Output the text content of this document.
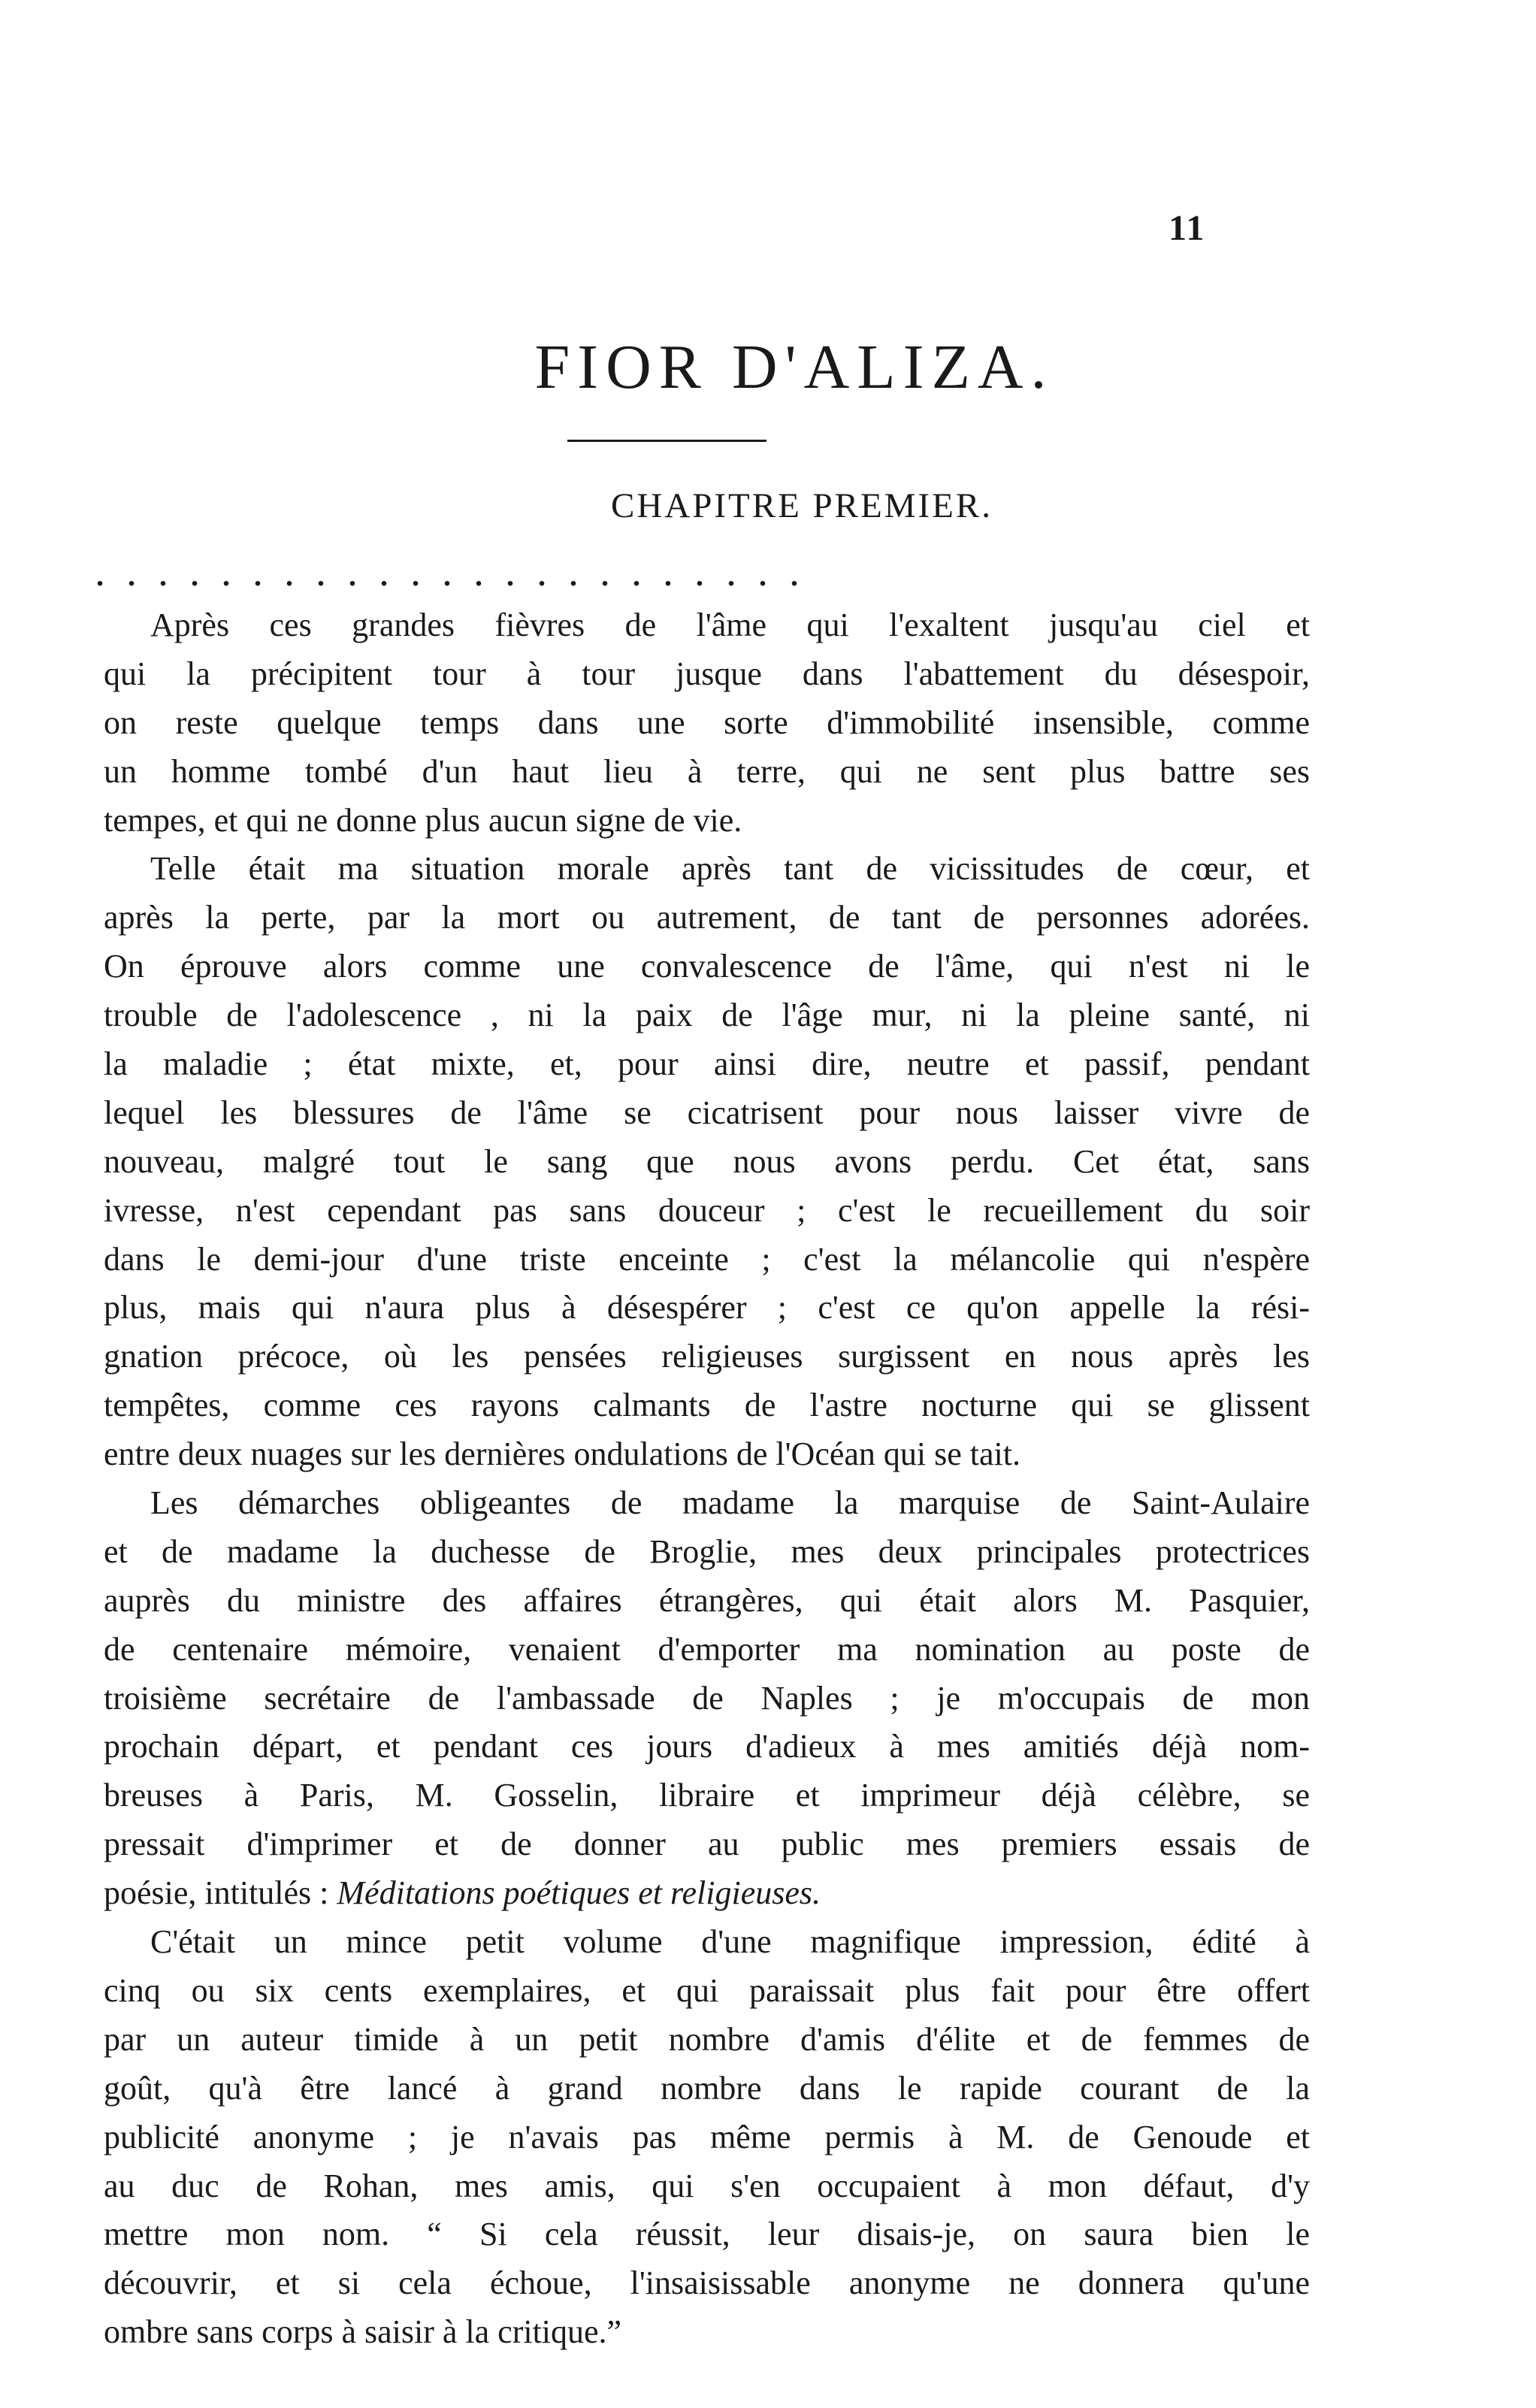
11
FIOR D'ALIZA.
CHAPITRE PREMIER.
.......................
Après ces grandes fièvres de l'âme qui l'exaltent jusqu'au ciel et
qui la précipitent tour à tour jusque dans l'abattement du désespoir,
on reste quelque temps dans une sorte d'immobilité insensible, comme
un homme tombé d'un haut lieu à terre, qui ne sent plus battre ses
tempes, et qui ne donne plus aucun signe de vie.
Telle était ma situation morale après tant de vicissitudes de cœur, et
après la perte, par la mort ou autrement, de tant de personnes adorées.
On éprouve alors comme une convalescence de l'âme, qui n'est ni le
trouble de l'adolescence , ni la paix de l'âge mur, ni la pleine santé, ni
la maladie ; état mixte, et, pour ainsi dire, neutre et passif, pendant
lequel les blessures de l'âme se cicatrisent pour nous laisser vivre de
nouveau, malgré tout le sang que nous avons perdu. Cet état, sans
ivresse, n'est cependant pas sans douceur ; c'est le recueillement du soir
dans le demi-jour d'une triste enceinte ; c'est la mélancolie qui n'espère
plus, mais qui n'aura plus à désespérer ; c'est ce qu'on appelle la rési-
gnation précoce, où les pensées religieuses surgissent en nous après les
tempêtes, comme ces rayons calmants de l'astre nocturne qui se glissent
entre deux nuages sur les dernières ondulations de l'Océan qui se tait.
Les démarches obligeantes de madame la marquise de Saint-Aulaire
et de madame la duchesse de Broglie, mes deux principales protectrices
auprès du ministre des affaires étrangères, qui était alors M. Pasquier,
de centenaire mémoire, venaient d'emporter ma nomination au poste de
troisième secrétaire de l'ambassade de Naples ; je m'occupais de mon
prochain départ, et pendant ces jours d'adieux à mes amitiés déjà nom-
breuses à Paris, M. Gosselin, libraire et imprimeur déjà célèbre, se
pressait d'imprimer et de donner au public mes premiers essais de
poésie, intitulés : Méditations poétiques et religieuses.
C'était un mince petit volume d'une magnifique impression, édité à
cinq ou six cents exemplaires, et qui paraissait plus fait pour être offert
par un auteur timide à un petit nombre d'amis d'élite et de femmes de
goût, qu'à être lancé à grand nombre dans le rapide courant de la
publicité anonyme ; je n'avais pas même permis à M. de Genoude et
au duc de Rohan, mes amis, qui s'en occupaient à mon défaut, d'y
mettre mon nom. “ Si cela réussit, leur disais-je, on saura bien le
découvrir, et si cela échoue, l'insaisissable anonyme ne donnera qu'une
ombre sans corps à saisir à la critique.”
